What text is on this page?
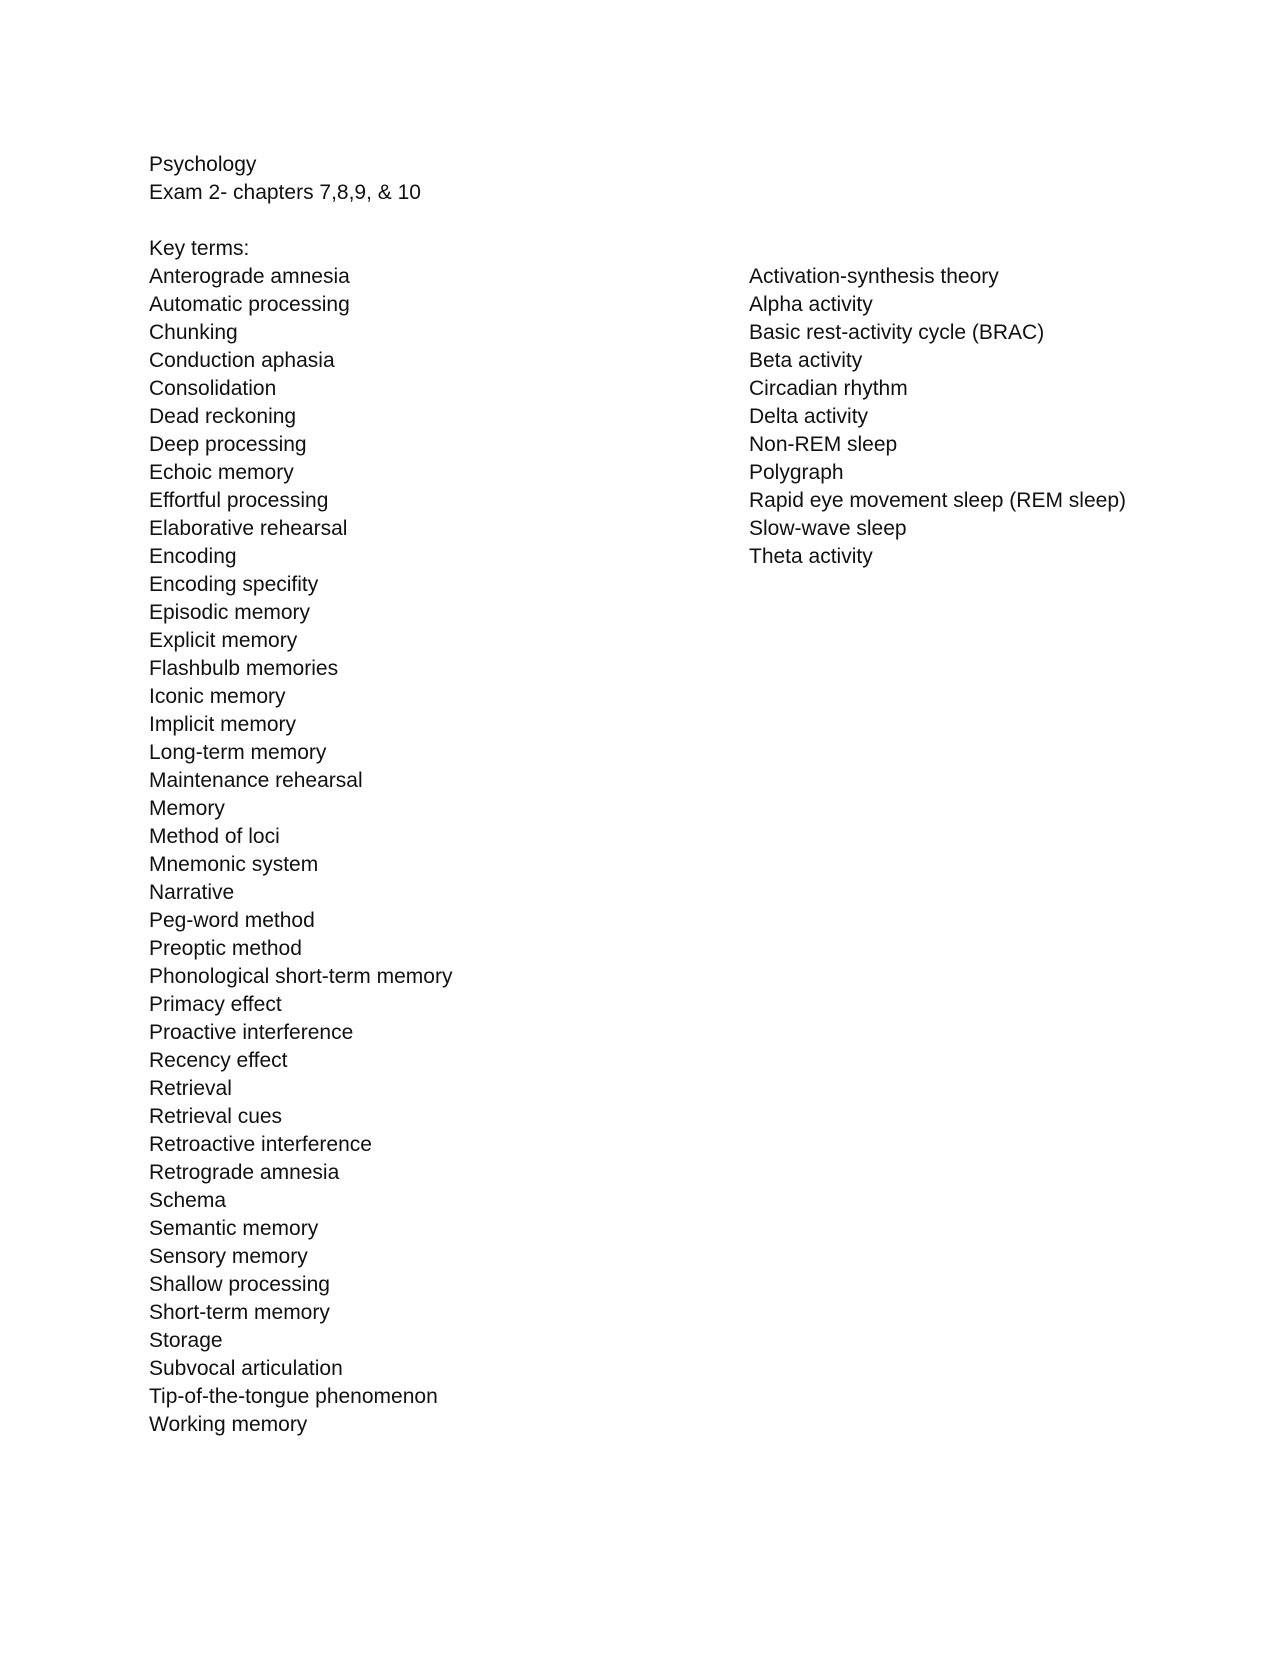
Psychology
Exam 2- chapters 7,8,9, & 10
Key terms:
Anterograde amnesia
Automatic processing
Chunking
Conduction aphasia
Consolidation
Dead reckoning
Deep processing
Echoic memory
Effortful processing
Elaborative rehearsal
Encoding
Encoding specifity
Episodic memory
Explicit memory
Flashbulb memories
Iconic memory
Implicit memory
Long-term memory
Maintenance rehearsal
Memory
Method of loci
Mnemonic system
Narrative
Peg-word method
Preoptic method
Phonological short-term memory
Primacy effect
Proactive interference
Recency effect
Retrieval
Retrieval cues
Retroactive interference
Retrograde amnesia
Schema
Semantic memory
Sensory memory
Shallow processing
Short-term memory
Storage
Subvocal articulation
Tip-of-the-tongue phenomenon
Working memory
Activation-synthesis theory
Alpha activity
Basic rest-activity cycle (BRAC)
Beta activity
Circadian rhythm
Delta activity
Non-REM sleep
Polygraph
Rapid eye movement sleep (REM sleep)
Slow-wave sleep
Theta activity
